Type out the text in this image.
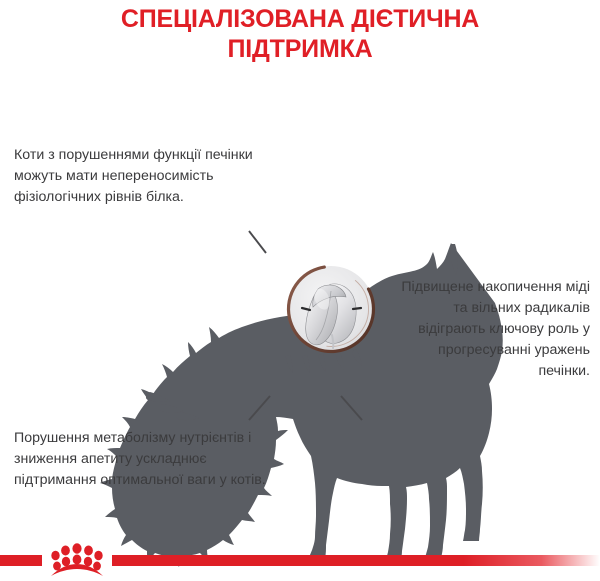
СПЕЦІАЛІЗОВАНА ДІЄТИЧНА
ПІДТРИМКА

Коти з порушеннями функції печінки можуть мати непереносимість фізіологічних рівнів білка.

Підвищене накопичення міді та вільних радикалів відіграють ключову роль у прогресуванні уражень печінки.

Порушення метаболізму нутрієнтів і зниження апетиту ускладнює підтримання оптимальної ваги у котів.
